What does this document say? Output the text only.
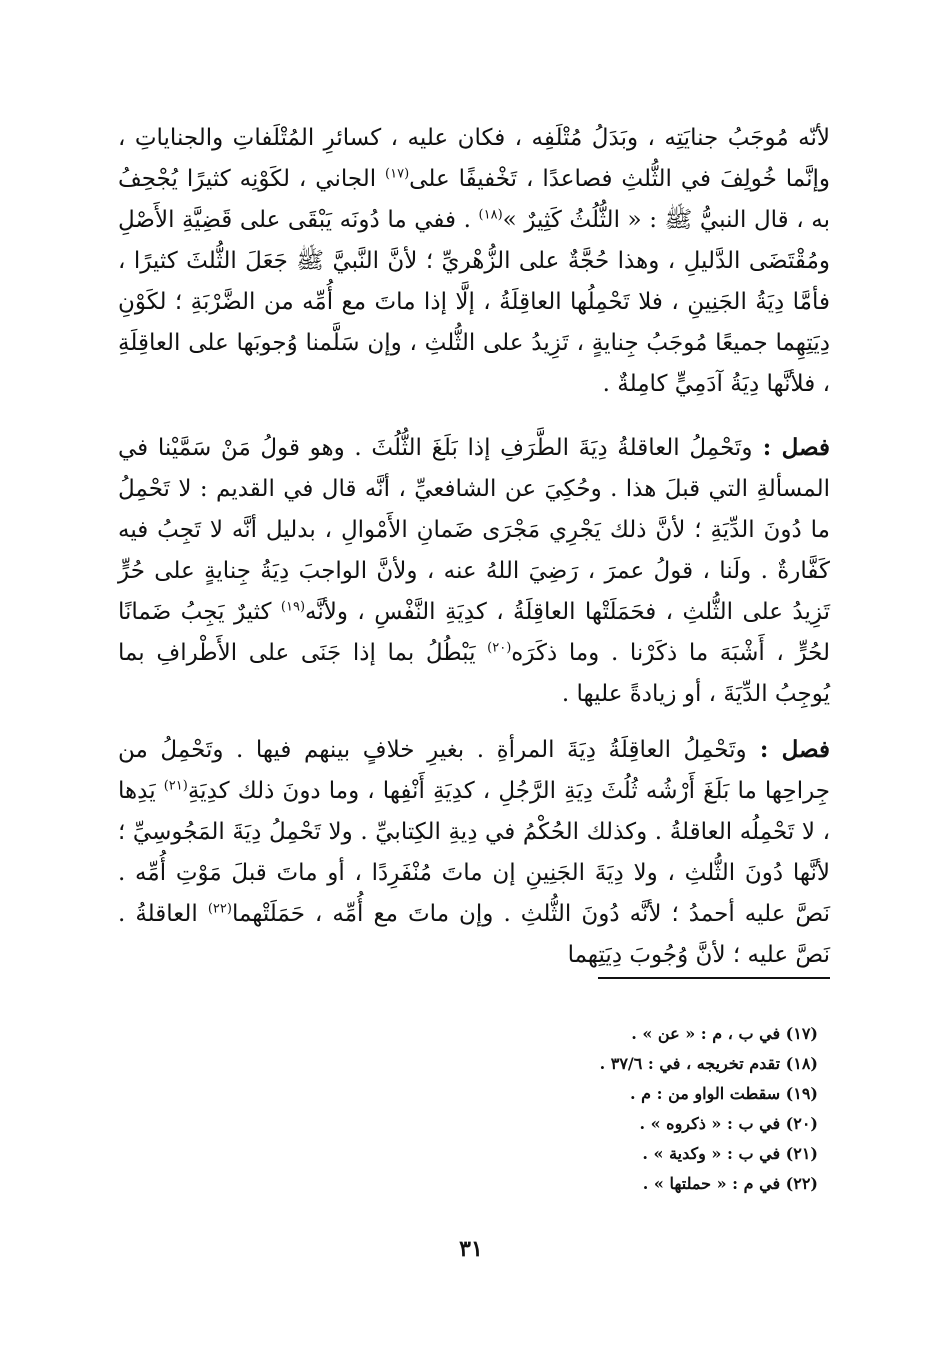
لأنّه مُوجَبُ جنايَتِه ، وبَدَلُ مُتْلَفِه ، فكان عليه ، كسائرِ المُتْلَفاتِ والجناياتِ ، وإنَّما خُولِفَ في الثُّلثِ فصاعدًا ، تَخْفيفًا على$^{(١٧)}$ الجاني ، لكَوْنِه كثيرًا يُجْحِفُ به ، قال النبيُّ ﷺ : « الثُّلُثُ كَثِيرٌ »$^{(١٨)}$ . ففي ما دُونَه يَبْقَى على قَضِيَّةِ الأَصْلِ ومُقْتَضَى الدَّليلِ ، وهذا حُجَّةٌ على الزُّهْريِّ ؛ لأنَّ النَّبيَّ ﷺ جَعَلَ الثُّلثَ كثيرًا ، فأمَّا دِيَةُ الجَنِينِ ، فلا تَحْمِلُها العاقِلَةُ ، إلَّا إذا ماتَ مع أُمِّه من الضَّرْبَةِ ؛ لكَوْنِ دِيَتِهِما جميعًا مُوجَبُ جِنايةٍ ، تَزِيدُ على الثُّلثِ ، وإن سَلَّمنا وُجوبَها على العاقِلَةِ ، فلأنَّها دِيَةُ آدَمِيٍّ كامِلةٌ .

فصل : وتَحْمِلُ العاقلةُ دِيَةَ الطَّرَفِ إذا بَلَغَ الثُّلُثَ . وهو قولُ مَنْ سَمَّيْنا في المسألةِ التي قبلَ هذا . وحُكِيَ عن الشافعيِّ ، أنَّه قال في القديم : لا تَحْمِلُ ما دُونَ الدِّيَةِ ؛ لأنَّ ذلك يَجْرِي مَجْرَى ضَمانِ الأَمْوالِ ، بدليل أنَّه لا تَجِبُ فيه كَفَّارةٌ . ولَنا ، قولُ عمرَ ، رَضِيَ اللهُ عنه ، ولأنَّ الواجبَ دِيَةُ جِنايةٍ على حُرٍّ تَزِيدُ على الثُّلثِ ، فحَمَلَتْها العاقِلَةُ ، كدِيَةِ النَّفْسِ ، ولأنَّه$^{(١٩)}$ كثيرٌ يَجِبُ ضَمانًا لحُرٍّ ، أَشْبَهَ ما ذكَرْنا . وما ذكَرَه$^{(٢٠)}$ يَبْطُلُ بما إذا جَنَى على الأَطْرافِ بما يُوجِبُ الدِّيَةَ ، أو زيادةً عليها .

فصل : وتَحْمِلُ العاقِلَةُ دِيَةَ المرأةِ . بغيرِ خلافٍ بينهم فيها . وتَحْمِلُ من جِراحِها ما بَلَغَ أَرْشُه ثُلُثَ دِيَةِ الرَّجُلِ ، كدِيَةِ أَنْفِها ، وما دونَ ذلك كدِيَةِ$^{(٢١)}$ يَدِها ، لا تَحْمِلُه العاقلةُ . وكذلك الحُكْمُ في دِيةِ الكِتابيِّ . ولا تَحْمِلُ دِيَةَ المَجُوسِيِّ ؛ لأنَّها دُونَ الثُّلثِ ، ولا دِيَةَ الجَنِينِ إن ماتَ مُنْفَرِدًا ، أو ماتَ قبلَ مَوْتِ أُمِّه . نَصَّ عليه أحمدُ ؛ لأنَّه دُونَ الثُّلثِ . وإن ماتَ مع أُمِّه ، حَمَلَتْهما$^{(٢٢)}$ العاقلةُ . نَصَّ عليه ؛ لأنَّ وُجُوبَ دِيَتِهما

(١٧) في ب ، م : « عن » .

(١٨) تقدم تخريجه ، في : ٣٧/٦ .

(١٩) سقطت الواو من : م .

(٢٠) في ب : « ذكروه » .

(٢١) في ب : « وكدية » .

(٢٢) في م : « حملتها » .

٣١
